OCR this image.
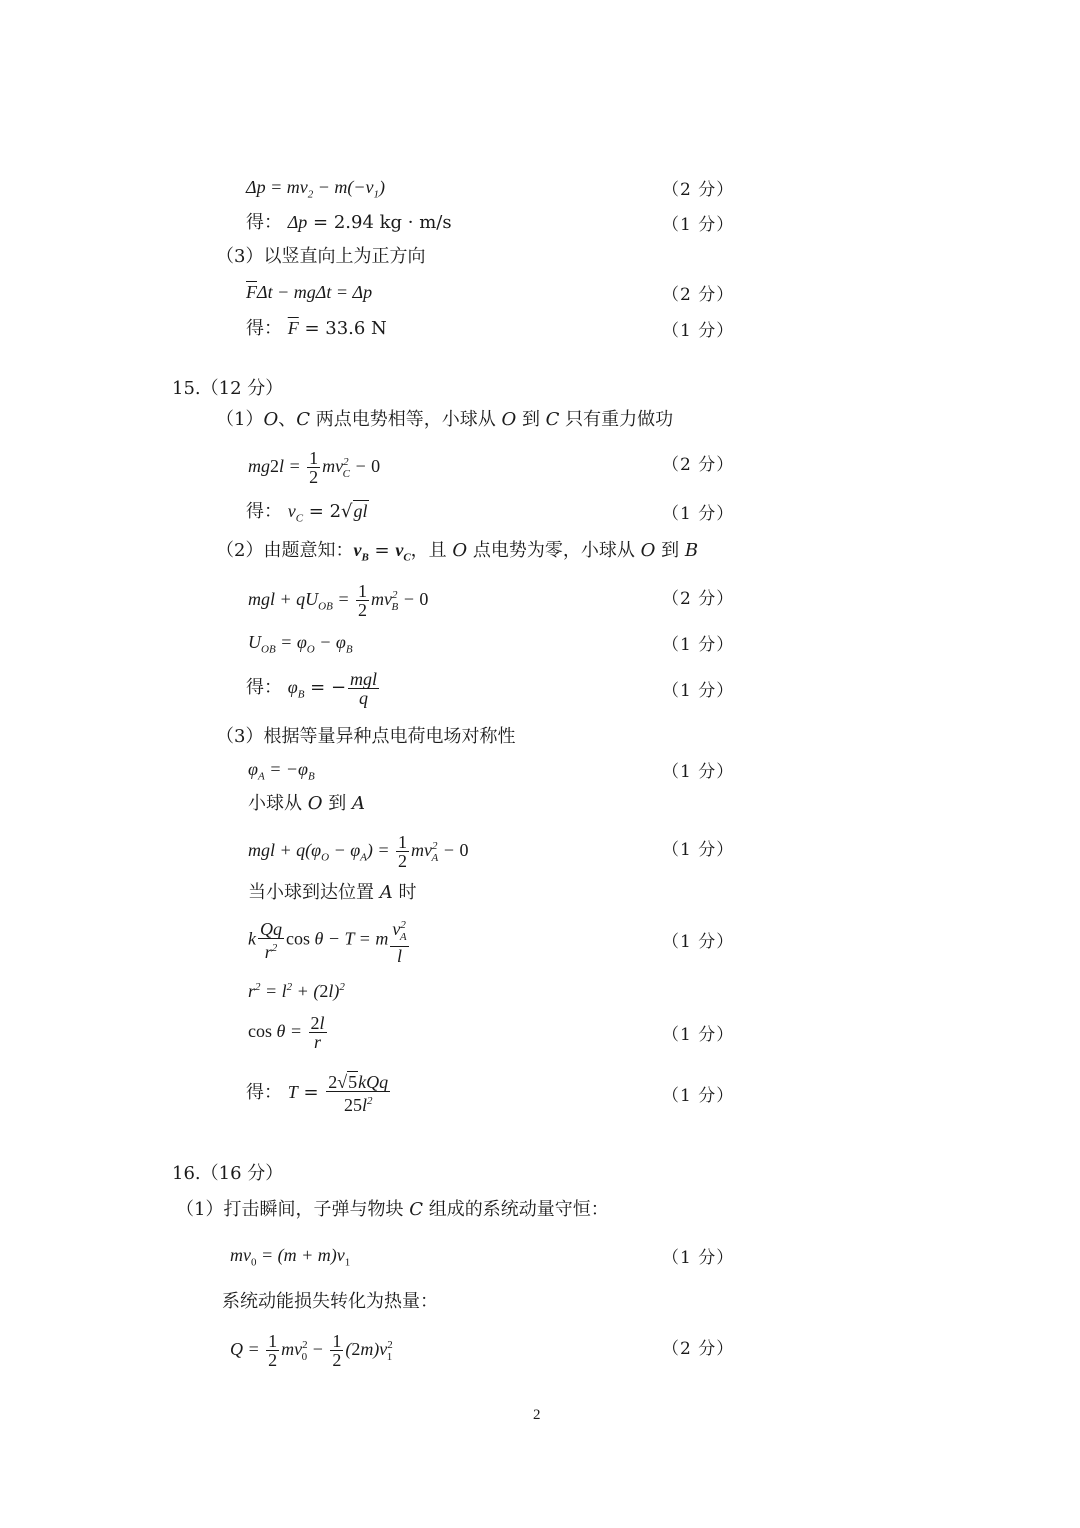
$\Delta p = mv_2 - m(-v_1)$	（2 分）
得： Δp = 2.94 kg · m/s	（1 分）
（3）以竖直向上为正方向
$\overline{F}\Delta t - mg\Delta t = \Delta p$	（2 分）
得： $\overline{F} = 33.6$ N	（1 分）
15.（12 分）
（1）O、C 两点电势相等，小球从 O 到 C 只有重力做功
$mg2l = \frac{1}{2} mv^2_C - 0$	（2 分）
得： $v_C = 2√gl$	（1 分）
（2）由题意知：$v_B = v_C$，且 O 点电势为零，小球从 O 到 B
mgl + $qU_{OB} = \frac{1}{2} mv^2_B - 0$	（2 分）
$U_{OB} = \varphi_O - \varphi_B$	（1 分）
得： $\varphi_B$ = − $\frac{\text{mgl}}{q}$	（1 分）
（3）根据等量异种点电荷电场对称性
$\varphi_A = -\varphi_B$	（1 分）
小球从 O 到 A
mgl + $q(\varphi_O - \varphi_A) = \frac{1}{2} mv^2_A - 0$	（1 分）
当小球到达位置 A 时
k $\frac{Qq}{r^2}$ cos θ − T = m $\frac{v^2_A}{l}$	（1 分）
$r^2 = l^2 + (2l)^2$
$\cos \theta = \frac{2l}{r}$	（1 分）
得： $T = \frac{\text{2√5kQq}}{25l^2}$	（1 分）
16.（16 分）
（1）打击瞬间，子弹与物块 C 组成的系统动量守恒：
$mv_0 = (m + m)v_1$	（1 分）
系统动能损失转化为热量：
$Q = \frac{1}{2} mv^2_0 - \frac{1}{2} (2m)v^2_1$	（2 分）
2
